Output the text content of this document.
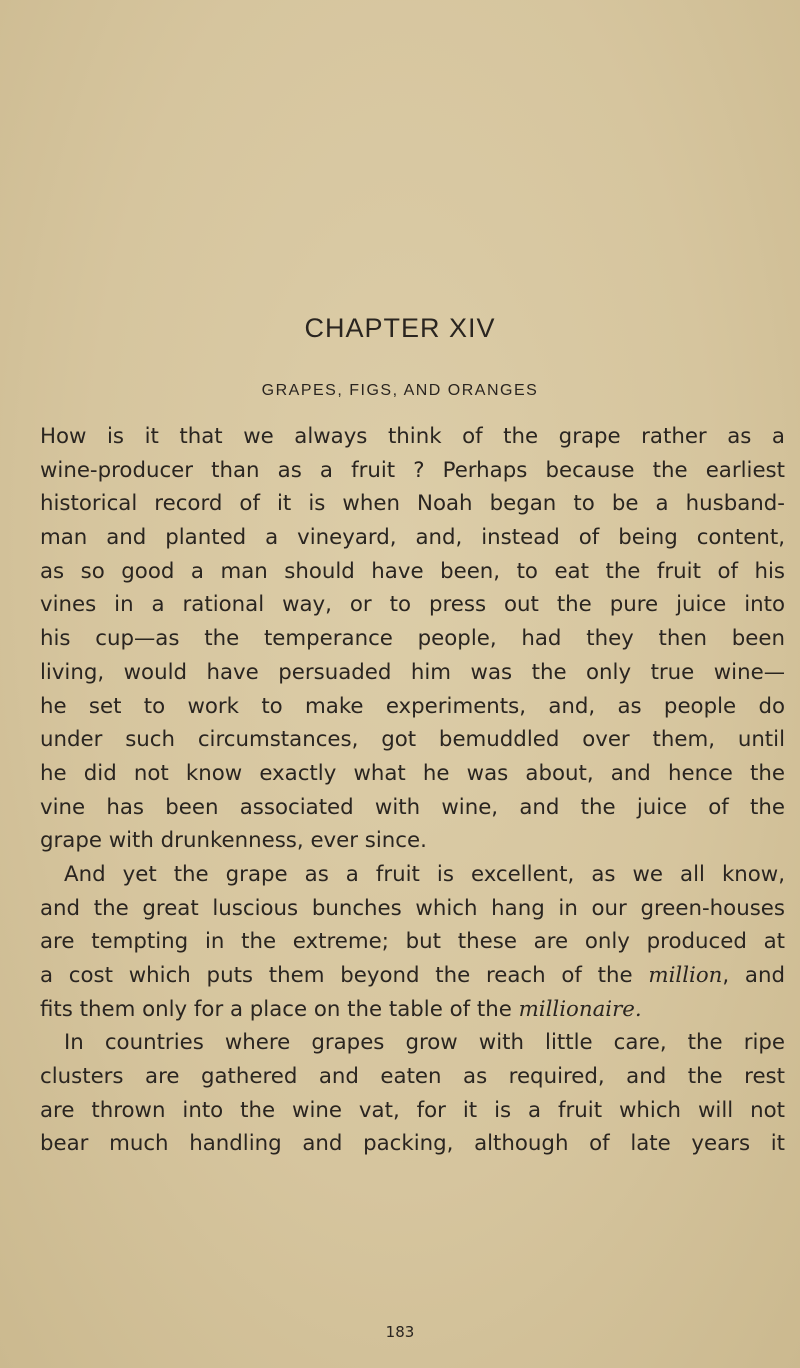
CHAPTER XIV
GRAPES, FIGS, AND ORANGES
How is it that we always think of the grape rather as a
wine-producer than as a fruit ? Perhaps because the earliest
historical record of it is when Noah began to be a husband-
man and planted a vineyard, and, instead of being content,
as so good a man should have been, to eat the fruit of his
vines in a rational way, or to press out the pure juice into
his cup—as the temperance people, had they then been
living, would have persuaded him was the only true wine—
he set to work to make experiments, and, as people do
under such circumstances, got bemuddled over them, until
he did not know exactly what he was about, and hence the
vine has been associated with wine, and the juice of the
grape with drunkenness, ever since.
And yet the grape as a fruit is excellent, as we all know,
and the great luscious bunches which hang in our green-houses
are tempting in the extreme; but these are only produced at
a cost which puts them beyond the reach of the million, and
fits them only for a place on the table of the millionaire.
In countries where grapes grow with little care, the ripe
clusters are gathered and eaten as required, and the rest
are thrown into the wine vat, for it is a fruit which will not
bear much handling and packing, although of late years it
183
